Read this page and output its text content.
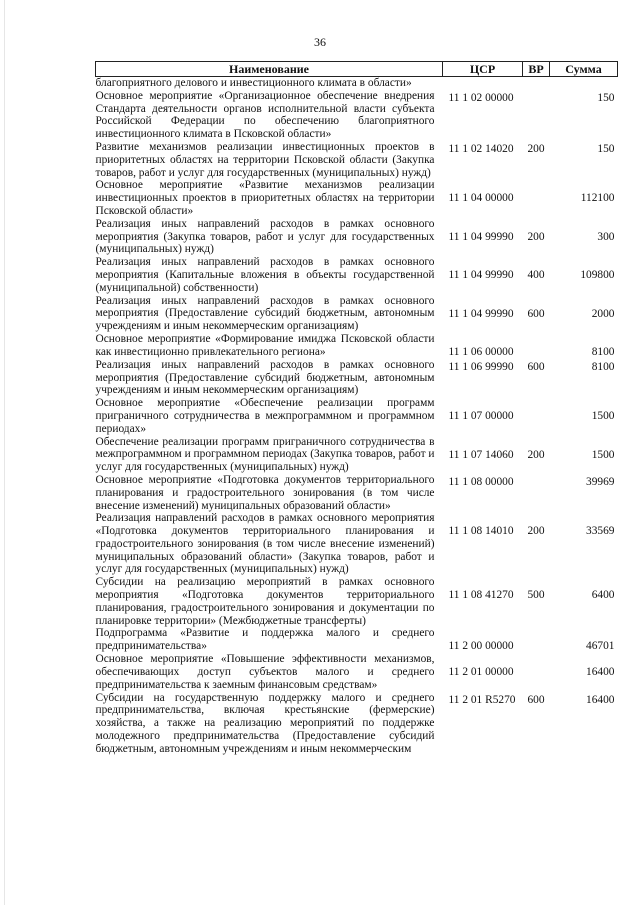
36
Наименование	ЦСР	ВР	Сумма
благоприятного делового и инвестиционного климата в области»			
Основное мероприятие «Организационное обеспечение внедрения Стандарта деятельности органов исполнительной власти субъекта Российской Федерации по обеспечению благоприятного инвестиционного климата в Псковской области»	11 1 02 00000		150
Развитие механизмов реализации инвестиционных проектов в приоритетных областях на территории Псковской области (Закупка товаров, работ и услуг для государственных (муниципальных) нужд)	11 1 02 14020	200	150
Основное мероприятие «Развитие механизмов реализации инвестиционных проектов в приоритетных областях на территории Псковской области»	11 1 04 00000		112100
Реализация иных направлений расходов в рамках основного мероприятия (Закупка товаров, работ и услуг для государственных (муниципальных) нужд)	11 1 04 99990	200	300
Реализация иных направлений расходов в рамках основного мероприятия (Капитальные вложения в объекты государственной (муниципальной) собственности)	11 1 04 99990	400	109800
Реализация иных направлений расходов в рамках основного мероприятия (Предоставление субсидий бюджетным, автономным учреждениям и иным некоммерческим организациям)	11 1 04 99990	600	2000
Основное мероприятие «Формирование имиджа Псковской области как инвестиционно привлекательного региона»	11 1 06 00000		8100
Реализация иных направлений расходов в рамках основного мероприятия (Предоставление субсидий бюджетным, автономным учреждениям и иным некоммерческим организациям)	11 1 06 99990	600	8100
Основное мероприятие «Обеспечение реализации программ приграничного сотрудничества в межпрограммном и программном периодах»	11 1 07 00000		1500
Обеспечение реализации программ приграничного сотрудничества в межпрограммном и программном периодах (Закупка товаров, работ и услуг для государственных (муниципальных) нужд)	11 1 07 14060	200	1500
Основное мероприятие «Подготовка документов территориального планирования и градостроительного зонирования (в том числе внесение изменений) муниципальных образований области»	11 1 08 00000		39969
Реализация направлений расходов в рамках основного мероприятия «Подготовка документов территориального планирования и градостроительного зонирования (в том числе внесение изменений) муниципальных образований области» (Закупка товаров, работ и услуг для государственных (муниципальных) нужд)	11 1 08 14010	200	33569
Субсидии на реализацию мероприятий в рамках основного мероприятия «Подготовка документов территориального планирования, градостроительного зонирования и документации по планировке территории» (Межбюджетные трансферты)	11 1 08 41270	500	6400
Подпрограмма «Развитие и поддержка малого и среднего предпринимательства»	11 2 00 00000		46701
Основное мероприятие «Повышение эффективности механизмов, обеспечивающих доступ субъектов малого и среднего предпринимательства к заемным финансовым средствам»	11 2 01 00000		16400
Субсидии на государственную поддержку малого и среднего предпринимательства, включая крестьянские (фермерские) хозяйства, а также на реализацию мероприятий по поддержке молодежного предпринимательства (Предоставление субсидий бюджетным, автономным учреждениям и иным некоммерческим	11 2 01 R5270	600	16400
